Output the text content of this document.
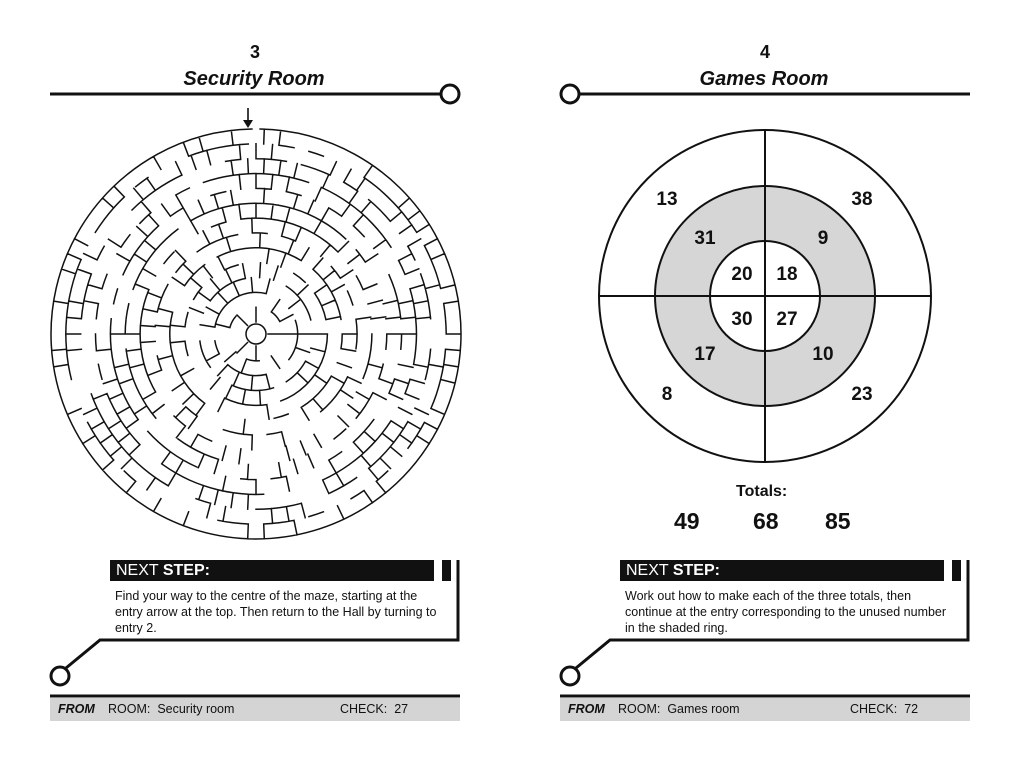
3
Security Room
NEXT STEP:
Find your way to the centre of the maze, starting at the entry arrow at the top. Then return to the Hall by turning to entry 2.
FROM ROOM: Security room	CHECK: 27
4
Games Room
13	38
8	23
31	9
17	10
20 18
30 27
Totals:
49 68 85
NEXT STEP:
Work out how to make each of the three totals, then continue at the entry corresponding to the unused number in the shaded ring.
FROM ROOM: Games room	CHECK: 72
